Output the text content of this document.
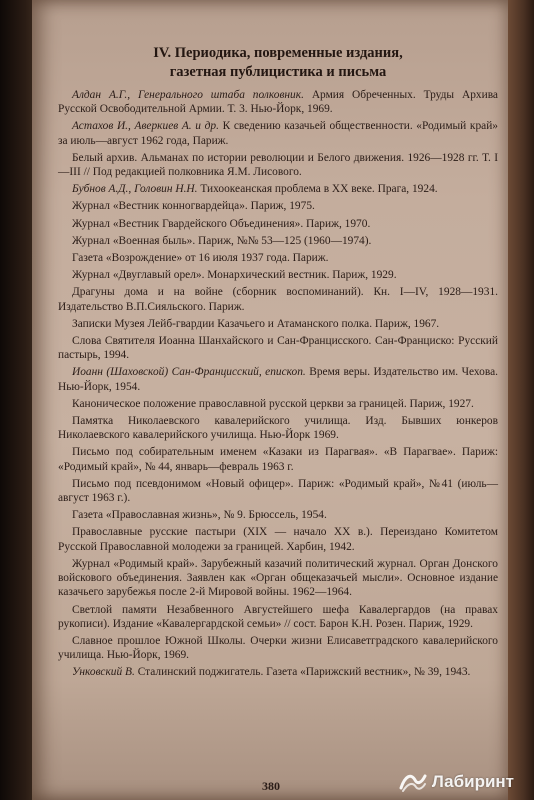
IV. Периодика, повременные издания,
газетная публицистика и письма

Алдан А.Г., Генерального штаба полковник. Армия Обреченных. Труды Архива Русской Освободительной Армии. Т. 3. Нью-Йорк, 1969.

Астахов И., Аверкиев А. и др. К сведению казачьей общественности. «Родимый край» за июль—август 1962 года, Париж.

Белый архив. Альманах по истории революции и Белого движения. 1926—1928 гг. Т. I—III // Под редакцией полковника Я.М. Лисового.

Бубнов А.Д., Головин Н.Н. Тихоокеанская проблема в XX веке. Прага, 1924.

Журнал «Вестник конногвардейца». Париж, 1975.

Журнал «Вестник Гвардейского Объединения». Париж, 1970.

Журнал «Военная быль». Париж, №№ 53—125 (1960—1974).

Газета «Возрождение» от 16 июля 1937 года. Париж.

Журнал «Двуглавый орел». Монархический вестник. Париж, 1929.

Драгуны дома и на войне (сборник воспоминаний). Кн. I—IV, 1928—1931. Издательство В.П.Сияльского. Париж.

Записки Музея Лейб-гвардии Казачьего и Атаманского полка. Париж, 1967.

Слова Святителя Иоанна Шанхайского и Сан-Францисского. Сан-Франциско: Русский пастырь, 1994.

Иоанн (Шаховской) Сан-Францисский, епископ. Время веры. Издательство им. Чехова. Нью-Йорк, 1954.

Каноническое положение православной русской церкви за границей. Париж, 1927.

Памятка Николаевского кавалерийского училища. Изд. Бывших юнкеров Николаевского кавалерийского училища. Нью-Йорк 1969.

Письмо под собирательным именем «Казаки из Парагвая». «В Парагвае». Париж: «Родимый край», № 44, январь—февраль 1963 г.

Письмо под псевдонимом «Новый офицер». Париж: «Родимый край», №41 (июль—август 1963 г.).

Газета «Православная жизнь», № 9. Брюссель, 1954.

Православные русские пастыри (XIX — начало XX в.). Переиздано Комитетом Русской Православной молодежи за границей. Харбин, 1942.

Журнал «Родимый край». Зарубежный казачий политический журнал. Орган Донского войскового объединения. Заявлен как «Орган общеказачьей мысли». Основное издание казачьего зарубежья после 2-й Мировой войны. 1962—1964.

Светлой памяти Незабвенного Августейшего шефа Кавалергардов (на правах рукописи). Издание «Кавалергардской семьи» // сост. Барон К.Н. Розен. Париж, 1929.

Славное прошлое Южной Школы. Очерки жизни Елисаветградского кавалерийского училища. Нью-Йорк, 1969.

Унковский В. Сталинский поджигатель. Газета «Парижский вестник», № 39, 1943.

380	Лабиринт
